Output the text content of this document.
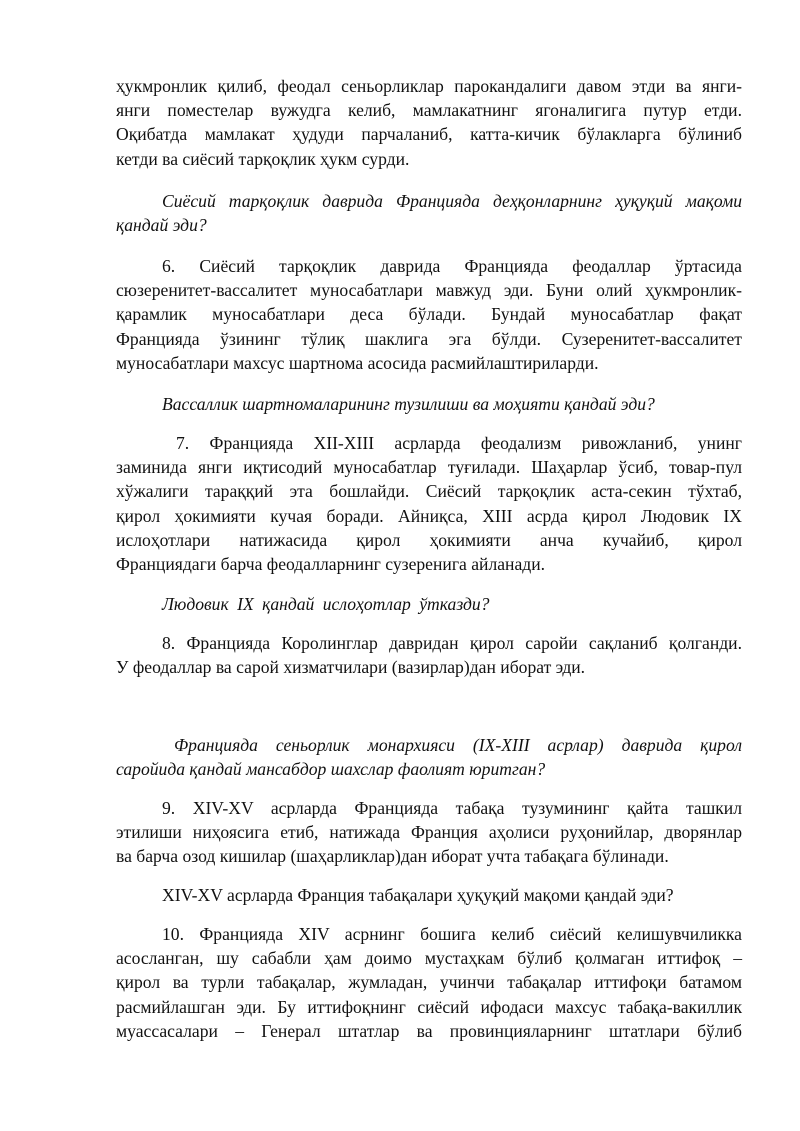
ҳукмронлик қилиб, феодал сеньорликлар парокандалиги давом этди ва янги-
янги поместелар вужудга келиб, мамлакатнинг ягоналигига путур етди.
Оқибатда мамлакат ҳудуди парчаланиб, катта-кичик бўлакларга бўлиниб
кетди ва сиёсий тарқоқлик ҳукм сурди.

Сиёсий тарқоқлик даврида Францияда деҳқонларнинг ҳуқуқий мақоми
қандай эди?

6. Сиёсий тарқоқлик даврида Францияда феодаллар ўртасида
сюзеренитет-вассалитет муносабатлари мавжуд эди. Буни олий ҳукмронлик-
қарамлик муносабатлари деса бўлади. Бундай муносабатлар фақат
Францияда ўзининг тўлиқ шаклига эга бўлди. Сузеренитет-вассалитет
муносабатлари махсус шартнома асосида расмийлаштириларди.

Вассаллик шартномаларининг тузилиши ва моҳияти қандай эди?

7. Францияда XII-XIII асрларда феодализм ривожланиб, унинг
заминида янги иқтисодий муносабатлар туғилади. Шаҳарлар ўсиб, товар-пул
хўжалиги тараққий эта бошлайди. Сиёсий тарқоқлик аста-секин тўхтаб,
қирол ҳокимияти кучая боради. Айниқса, XIII асрда қирол Людовик IX
ислоҳотлари натижасида қирол ҳокимияти анча кучайиб, қирол
Франциядаги барча феодалларнинг сузеренига айланади.

Людовик IX қандай ислоҳотлар ўтказди?

8. Францияда Королинглар давридан қирол саройи сақланиб қолганди.
У феодаллар ва сарой хизматчилари (вазирлар)дан иборат эди.

Францияда сеньорлик монархияси (IX-XIII асрлар) даврида қирол
саройида қандай мансабдор шахслар фаолият юритган?

9. XIV-XV асрларда Францияда табақа тузумининг қайта ташкил
этилиши ниҳоясига етиб, натижада Франция аҳолиси руҳонийлар, дворянлар
ва барча озод кишилар (шаҳарликлар)дан иборат учта табақага бўлинади.

XIV-XV асрларда Франция табақалари ҳуқуқий мақоми қандай эди?

10. Францияда XIV асрнинг бошига келиб сиёсий келишувчиликка
асосланган, шу сабабли ҳам доимо мустаҳкам бўлиб қолмаган иттифоқ –
қирол ва турли табақалар, жумладан, учинчи табақалар иттифоқи батамом
расмийлашган эди. Бу иттифоқнинг сиёсий ифодаси махсус табақа-вакиллик
муассасалари – Генерал штатлар ва провинцияларнинг штатлари бўлиб
